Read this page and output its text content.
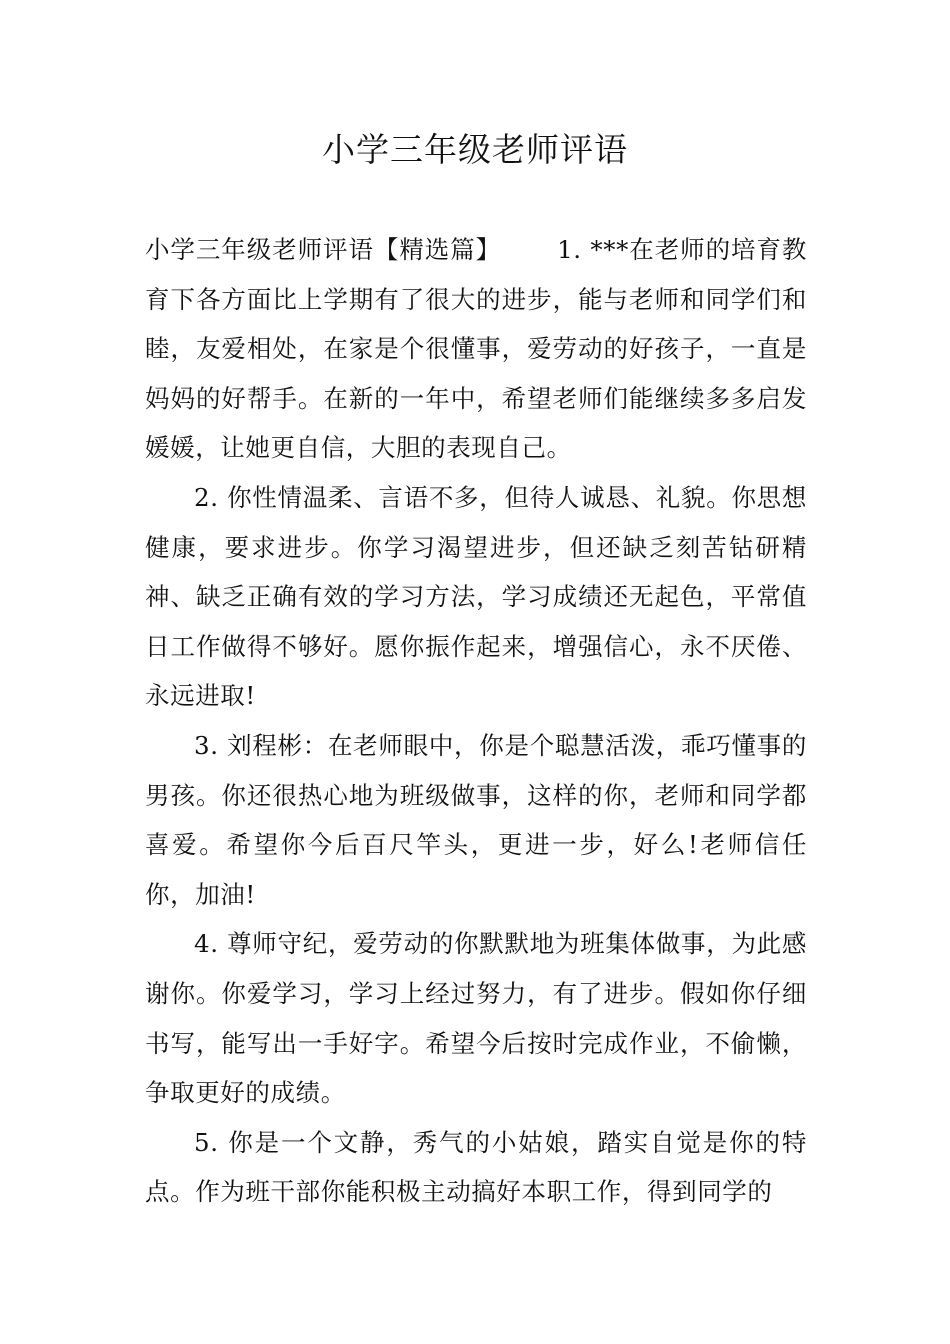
小学三年级老师评语

小学三年级老师评语【精选篇】 1. ***在老师的培育教育下各方面比上学期有了很大的进步，能与老师和同学们和睦，友爱相处，在家是个很懂事，爱劳动的好孩子，一直是妈妈的好帮手。在新的一年中，希望老师们能继续多多启发媛媛，让她更自信，大胆的表现自己。

2. 你性情温柔、言语不多，但待人诚恳、礼貌。你思想健康，要求进步。你学习渴望进步，但还缺乏刻苦钻研精神、缺乏正确有效的学习方法，学习成绩还无起色，平常值日工作做得不够好。愿你振作起来，增强信心，永不厌倦、永远进取!

3. 刘程彬：在老师眼中，你是个聪慧活泼，乖巧懂事的男孩。你还很热心地为班级做事，这样的你，老师和同学都喜爱。希望你今后百尺竿头，更进一步，好么!老师信任你，加油!

4. 尊师守纪，爱劳动的你默默地为班集体做事，为此感谢你。你爱学习，学习上经过努力，有了进步。假如你仔细书写，能写出一手好字。希望今后按时完成作业，不偷懒，争取更好的成绩。

5. 你是一个文静，秀气的小姑娘，踏实自觉是你的特点。作为班干部你能积极主动搞好本职工作，得到同学的
